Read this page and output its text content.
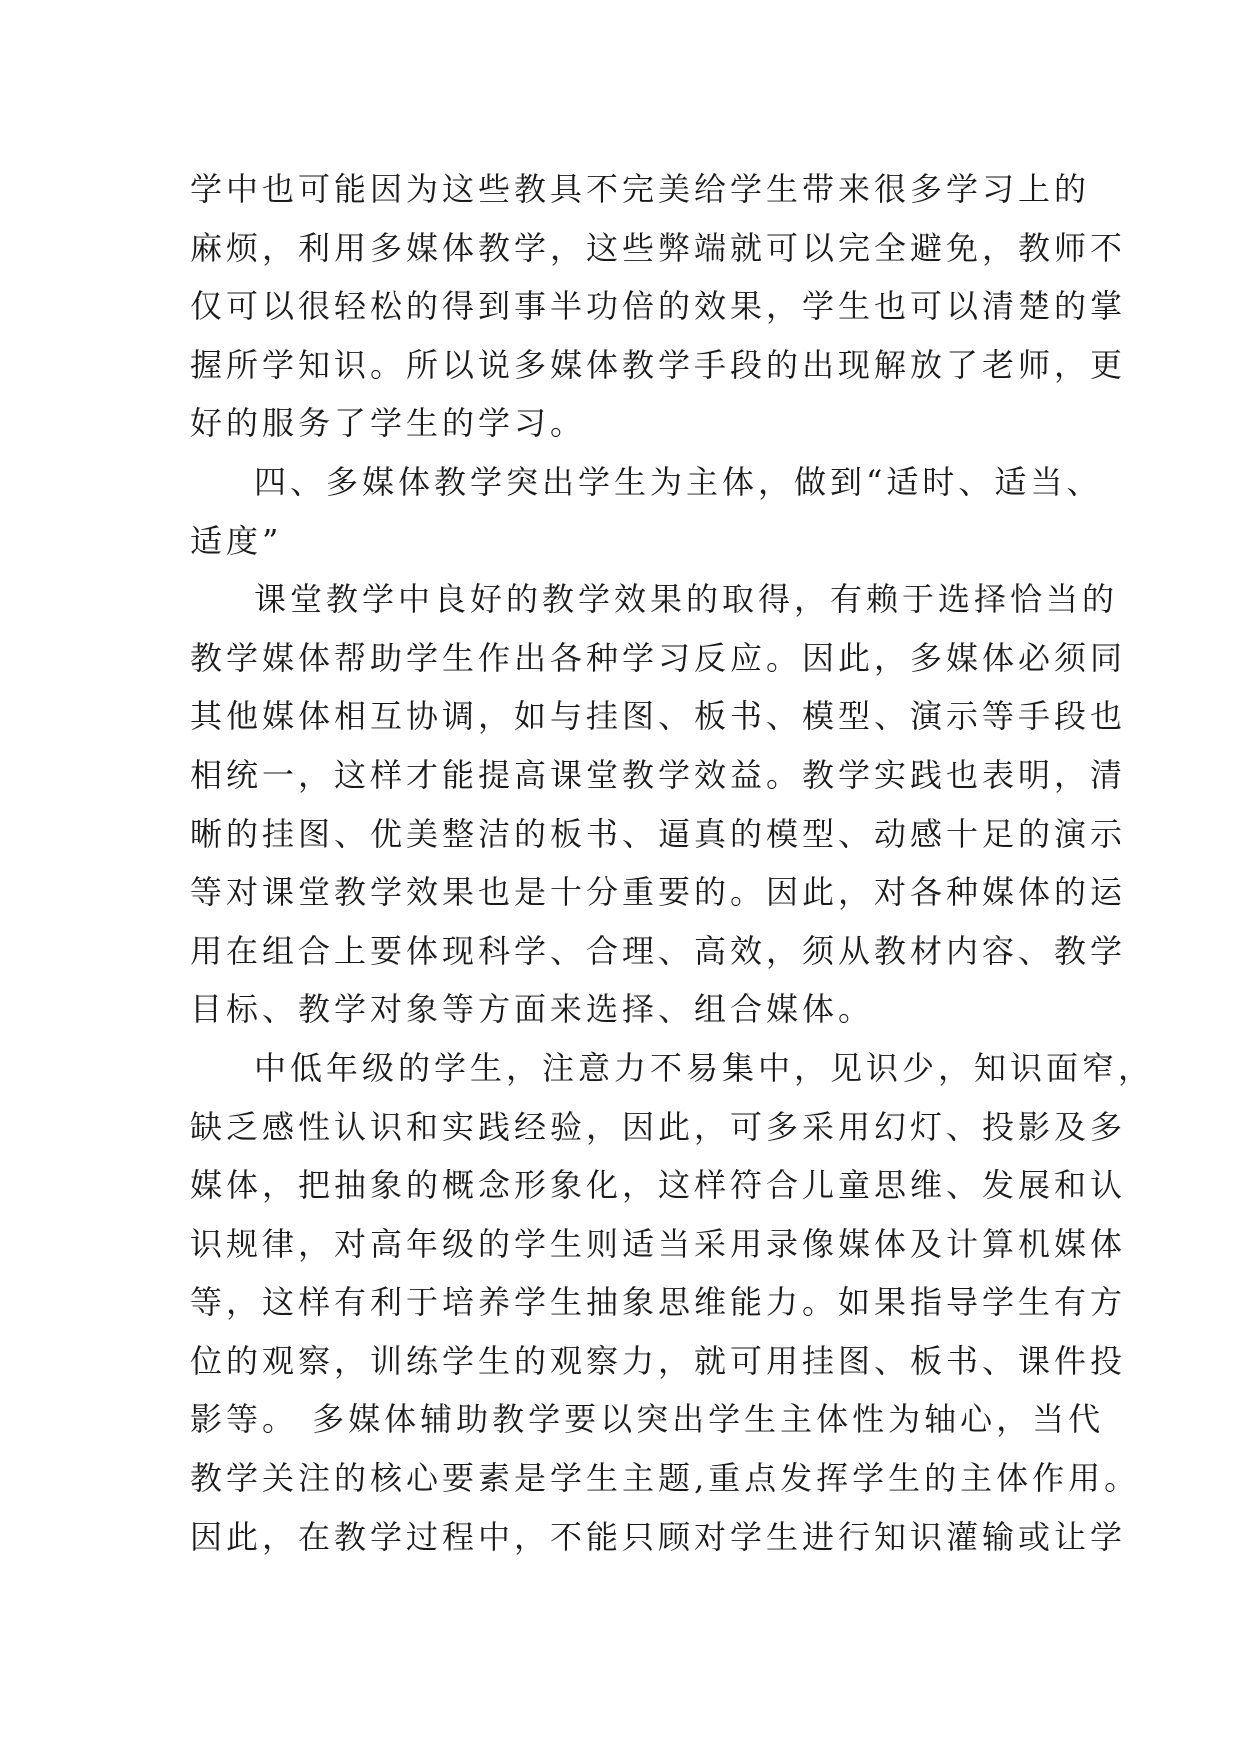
学中也可能因为这些教具不完美给学生带来很多学习上的
麻烦，利用多媒体教学，这些弊端就可以完全避免，教师不
仅可以很轻松的得到事半功倍的效果，学生也可以清楚的掌
握所学知识。所以说多媒体教学手段的出现解放了老师，更
好的服务了学生的学习。
四、多媒体教学突出学生为主体，做到“适时、适当、
适度”
课堂教学中良好的教学效果的取得，有赖于选择恰当的
教学媒体帮助学生作出各种学习反应。因此，多媒体必须同
其他媒体相互协调，如与挂图、板书、模型、演示等手段也
相统一，这样才能提高课堂教学效益。教学实践也表明，清
晰的挂图、优美整洁的板书、逼真的模型、动感十足的演示
等对课堂教学效果也是十分重要的。因此，对各种媒体的运
用在组合上要体现科学、合理、高效，须从教材内容、教学
目标、教学对象等方面来选择、组合媒体。
中低年级的学生，注意力不易集中，见识少，知识面窄，
缺乏感性认识和实践经验，因此，可多采用幻灯、投影及多
媒体，把抽象的概念形象化，这样符合儿童思维、发展和认
识规律，对高年级的学生则适当采用录像媒体及计算机媒体
等，这样有利于培养学生抽象思维能力。如果指导学生有方
位的观察，训练学生的观察力，就可用挂图、板书、课件投
影等。 多媒体辅助教学要以突出学生主体性为轴心，当代
教学关注的核心要素是学生主题,重点发挥学生的主体作用。
因此，在教学过程中，不能只顾对学生进行知识灌输或让学
